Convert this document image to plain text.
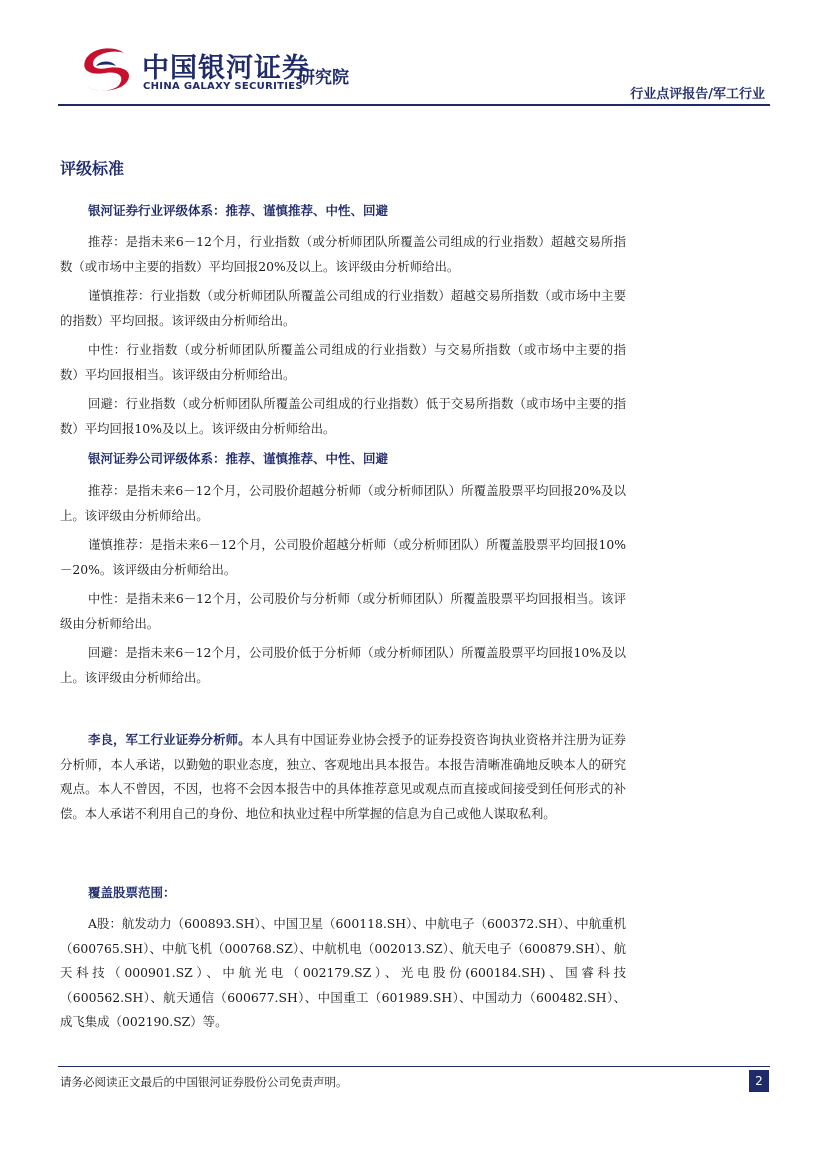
中国银河证券
CHINA GALAXY SECURITIES
研究院
行业点评报告/军工行业
评级标准
银河证券行业评级体系：推荐、谨慎推荐、中性、回避
推荐：是指未来6－12个月，行业指数（或分析师团队所覆盖公司组成的行业指数）超越交易所指数（或市场中主要的指数）平均回报20%及以上。该评级由分析师给出。
谨慎推荐：行业指数（或分析师团队所覆盖公司组成的行业指数）超越交易所指数（或市场中主要的指数）平均回报。该评级由分析师给出。
中性：行业指数（或分析师团队所覆盖公司组成的行业指数）与交易所指数（或市场中主要的指数）平均回报相当。该评级由分析师给出。
回避：行业指数（或分析师团队所覆盖公司组成的行业指数）低于交易所指数（或市场中主要的指数）平均回报10%及以上。该评级由分析师给出。
银河证券公司评级体系：推荐、谨慎推荐、中性、回避
推荐：是指未来6－12个月，公司股价超越分析师（或分析师团队）所覆盖股票平均回报20%及以上。该评级由分析师给出。
谨慎推荐：是指未来6－12个月，公司股价超越分析师（或分析师团队）所覆盖股票平均回报10%－20%。该评级由分析师给出。
中性：是指未来6－12个月，公司股价与分析师（或分析师团队）所覆盖股票平均回报相当。该评级由分析师给出。
回避：是指未来6－12个月，公司股价低于分析师（或分析师团队）所覆盖股票平均回报10%及以上。该评级由分析师给出。
李良，军工行业证券分析师。本人具有中国证券业协会授予的证券投资咨询执业资格并注册为证券分析师，本人承诺，以勤勉的职业态度，独立、客观地出具本报告。本报告清晰准确地反映本人的研究观点。本人不曾因，不因，也将不会因本报告中的具体推荐意见或观点而直接或间接受到任何形式的补偿。本人承诺不利用自己的身份、地位和执业过程中所掌握的信息为自己或他人谋取私利。
覆盖股票范围：
A股：航发动力（600893.SH）、中国卫星（600118.SH）、中航电子（600372.SH）、中航重机（600765.SH）、中航飞机（000768.SZ）、中航机电（002013.SZ）、航天电子（600879.SH）、航天科技（000901.SZ）、中航光电（002179.SZ）、光电股份(600184.SH)、国睿科技（600562.SH）、航天通信（600677.SH）、中国重工（601989.SH）、中国动力（600482.SH）、成飞集成（002190.SZ）等。
请务必阅读正文最后的中国银河证券股份公司免责声明。	2
